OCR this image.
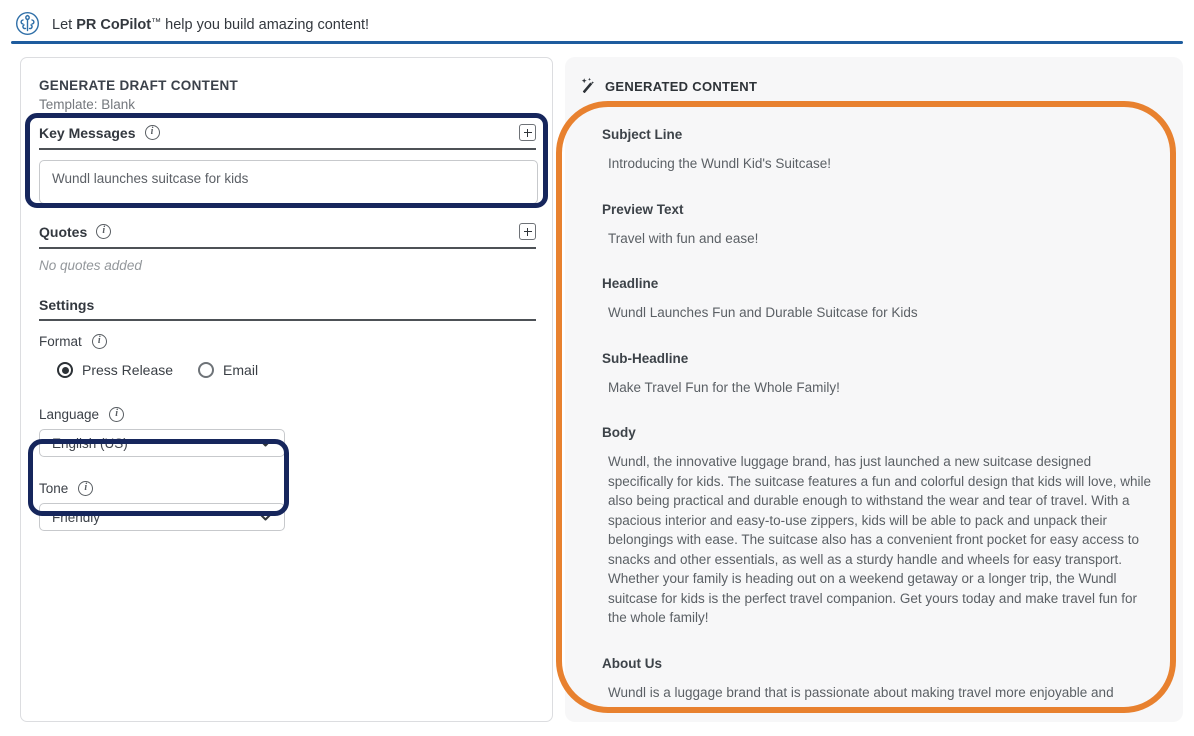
Let PR CoPilot™ help you build amazing content!
GENERATE DRAFT CONTENT
Template: Blank
Key Messages	i
Wundl launches suitcase for kids
Quotes	i
No quotes added
Settings
Format	i
Press Release	Email
Language	i
English (US)
Tone	i
Friendly
GENERATED CONTENT
Subject Line
Introducing the Wundl Kid's Suitcase!
Preview Text
Travel with fun and ease!
Headline
Wundl Launches Fun and Durable Suitcase for Kids
Sub-Headline
Make Travel Fun for the Whole Family!
Body
Wundl, the innovative luggage brand, has just launched a new suitcase designed specifically for kids. The suitcase features a fun and colorful design that kids will love, while also being practical and durable enough to withstand the wear and tear of travel. With a spacious interior and easy-to-use zippers, kids will be able to pack and unpack their belongings with ease. The suitcase also has a convenient front pocket for easy access to snacks and other essentials, as well as a sturdy handle and wheels for easy transport. Whether your family is heading out on a weekend getaway or a longer trip, the Wundl suitcase for kids is the perfect travel companion. Get yours today and make travel fun for the whole family!
About Us
Wundl is a luggage brand that is passionate about making travel more enjoyable and
